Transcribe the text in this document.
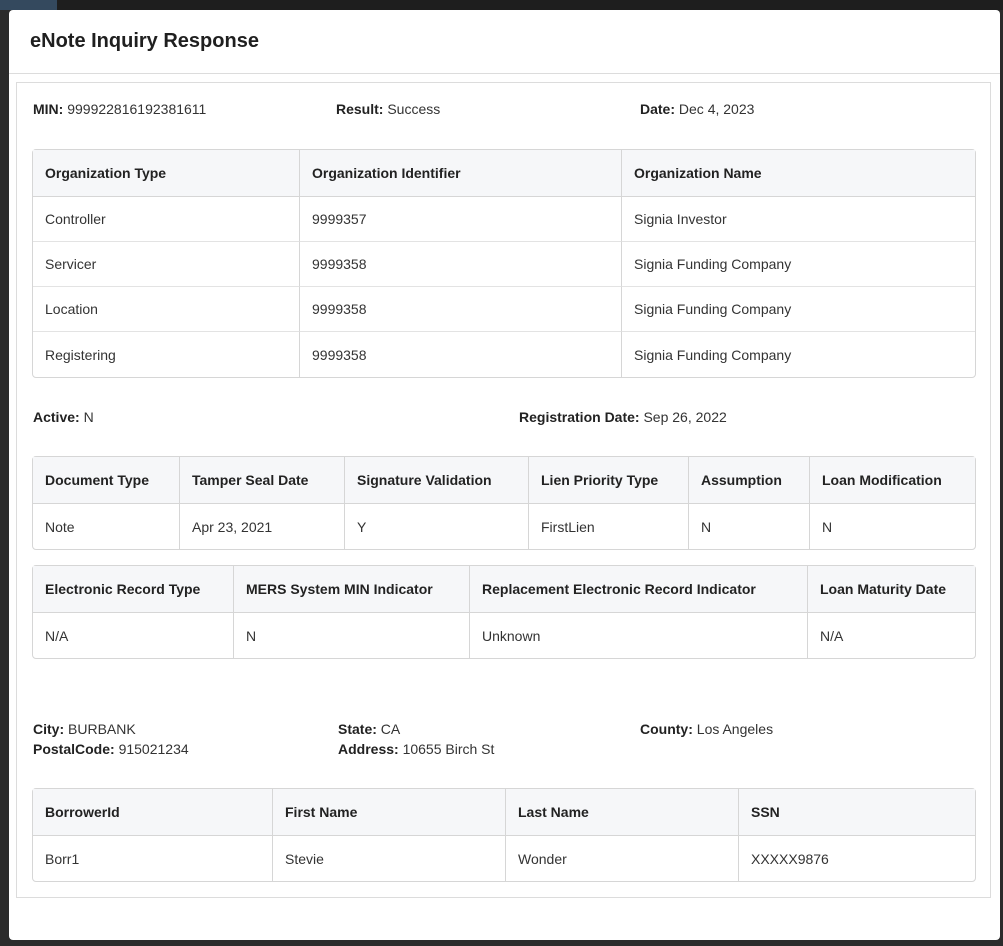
eNote Inquiry Response
MIN: 999922816192381611	Result: Success	Date: Dec 4, 2023
Organization Type	Organization Identifier	Organization Name
Controller	9999357	Signia Investor
Servicer	9999358	Signia Funding Company
Location	9999358	Signia Funding Company
Registering	9999358	Signia Funding Company
Active: N	Registration Date: Sep 26, 2022
Document Type	Tamper Seal Date	Signature Validation	Lien Priority Type	Assumption	Loan Modification
Note	Apr 23, 2021	Y	FirstLien	N	N
Electronic Record Type	MERS System MIN Indicator	Replacement Electronic Record Indicator	Loan Maturity Date
N/A	N	Unknown	N/A
City: BURBANK	State: CA	County: Los Angeles
PostalCode: 915021234	Address: 10655 Birch St
BorrowerId	First Name	Last Name	SSN
Borr1	Stevie	Wonder	XXXXX9876
